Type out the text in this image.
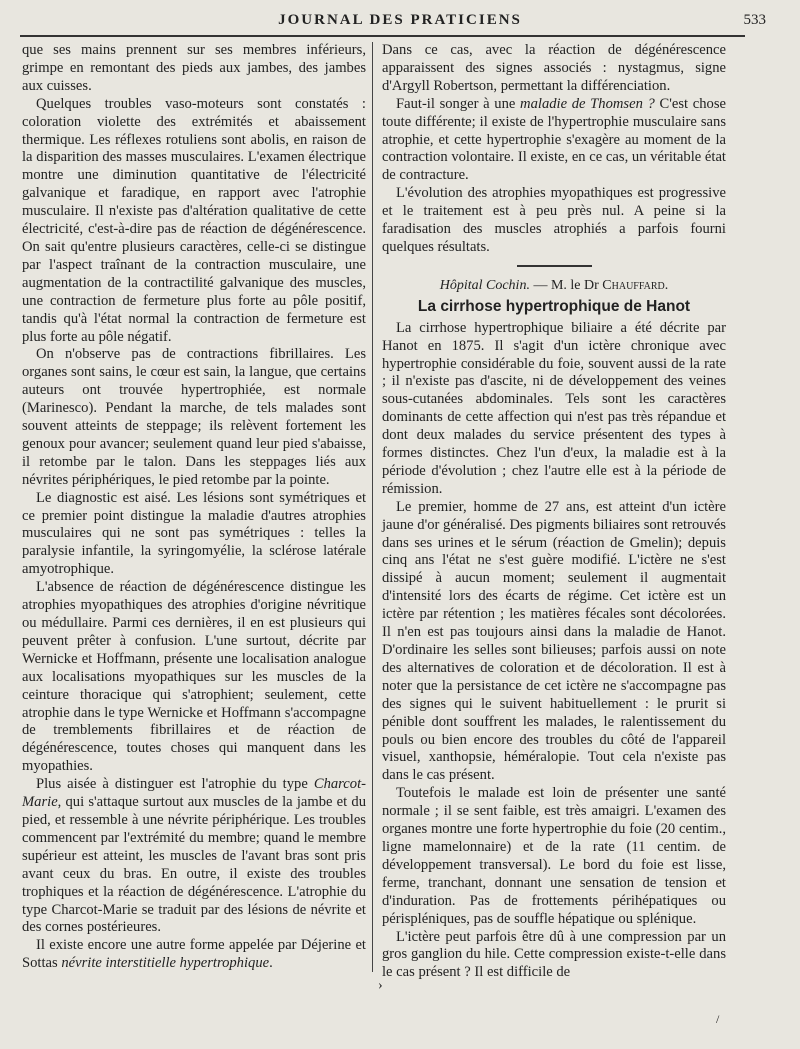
JOURNAL DES PRATICIENS	533

que ses mains prennent sur ses membres inférieurs, grimpe en remontant des pieds aux jambes, des jambes aux cuisses.

Quelques troubles vaso-moteurs sont constatés : coloration violette des extrémités et abaissement thermique. Les réflexes rotuliens sont abolis, en raison de la disparition des masses musculaires. L'examen électrique montre une diminution quantitative de l'électricité galvanique et faradique, en rapport avec l'atrophie musculaire. Il n'existe pas d'altération qualitative de cette électricité, c'est-à-dire pas de réaction de dégénérescence. On sait qu'entre plusieurs caractères, celle-ci se distingue par l'aspect traînant de la contraction musculaire, une augmentation de la contractilité galvanique des muscles, une contraction de fermeture plus forte au pôle positif, tandis qu'à l'état normal la contraction de fermeture est plus forte au pôle négatif.

On n'observe pas de contractions fibrillaires. Les organes sont sains, le cœur est sain, la langue, que certains auteurs ont trouvée hypertrophiée, est normale (Marinesco). Pendant la marche, de tels malades sont souvent atteints de steppage; ils relèvent fortement les genoux pour avancer; seulement quand leur pied s'abaisse, il retombe par le talon. Dans les steppages liés aux névrites périphériques, le pied retombe par la pointe.

Le diagnostic est aisé. Les lésions sont symétriques et ce premier point distingue la maladie d'autres atrophies musculaires qui ne sont pas symétriques : telles la paralysie infantile, la syringomyélie, la sclérose latérale amyotrophique.

L'absence de réaction de dégénérescence distingue les atrophies myopathiques des atrophies d'origine névritique ou médullaire. Parmi ces dernières, il en est plusieurs qui peuvent prêter à confusion. L'une surtout, décrite par Wernicke et Hoffmann, présente une localisation analogue aux localisations myopathiques sur les muscles de la ceinture thoracique qui s'atrophient; seulement, cette atrophie dans le type Wernicke et Hoffmann s'accompagne de tremblements fibrillaires et de réaction de dégénérescence, toutes choses qui manquent dans les myopathies.

Plus aisée à distinguer est l'atrophie du type Charcot-Marie, qui s'attaque surtout aux muscles de la jambe et du pied, et ressemble à une névrite périphérique. Les troubles commencent par l'extrémité du membre; quand le membre supérieur est atteint, les muscles de l'avant bras sont pris avant ceux du bras. En outre, il existe des troubles trophiques et la réaction de dégénérescence. L'atrophie du type Charcot-Marie se traduit par des lésions de névrite et des cornes postérieures.

Il existe encore une autre forme appelée par Déjerine et Sottas névrite interstitielle hypertrophique.

Dans ce cas, avec la réaction de dégénérescence apparaissent des signes associés : nystagmus, signe d'Argyll Robertson, permettant la différenciation.

Faut-il songer à une maladie de Thomsen ? C'est chose toute différente; il existe de l'hypertrophie musculaire sans atrophie, et cette hypertrophie s'exagère au moment de la contraction volontaire. Il existe, en ce cas, un véritable état de contracture.

L'évolution des atrophies myopathiques est progressive et le traitement est à peu près nul. A peine si la faradisation des muscles atrophiés a parfois fourni quelques résultats.

Hôpital Cochin. — M. le Dr Chauffard.
La cirrhose hypertrophique de Hanot

La cirrhose hypertrophique biliaire a été décrite par Hanot en 1875. Il s'agit d'un ictère chronique avec hypertrophie considérable du foie, souvent aussi de la rate ; il n'existe pas d'ascite, ni de développement des veines sous-cutanées abdominales. Tels sont les caractères dominants de cette affection qui n'est pas très répandue et dont deux malades du service présentent des types à formes distinctes. Chez l'un d'eux, la maladie est à la période d'évolution ; chez l'autre elle est à la période de rémission.

Le premier, homme de 27 ans, est atteint d'un ictère jaune d'or généralisé. Des pigments biliaires sont retrouvés dans ses urines et le sérum (réaction de Gmelin); depuis cinq ans l'état ne s'est guère modifié. L'ictère ne s'est dissipé à aucun moment; seulement il augmentait d'intensité lors des écarts de régime. Cet ictère est un ictère par rétention ; les matières fécales sont décolorées. Il n'en est pas toujours ainsi dans la maladie de Hanot. D'ordinaire les selles sont bilieuses; parfois aussi on note des alternatives de coloration et de décoloration. Il est à noter que la persistance de cet ictère ne s'accompagne pas des signes qui le suivent habituellement : le prurit si pénible dont souffrent les malades, le ralentissement du pouls ou bien encore des troubles du côté de l'appareil visuel, xanthopsie, héméralopie. Tout cela n'existe pas dans le cas présent.

Toutefois le malade est loin de présenter une santé normale ; il se sent faible, est très amaigri. L'examen des organes montre une forte hypertrophie du foie (20 centim., ligne mamelonnaire) et de la rate (11 centim. de développement transversal). Le bord du foie est lisse, ferme, tranchant, donnant une sensation de tension et d'induration. Pas de frottements périhépatiques ou périspléniques, pas de souffle hépatique ou splénique.

L'ictère peut parfois être dû à une compression par un gros ganglion du hile. Cette compression existe-t-elle dans le cas présent ? Il est difficile de

›
/
